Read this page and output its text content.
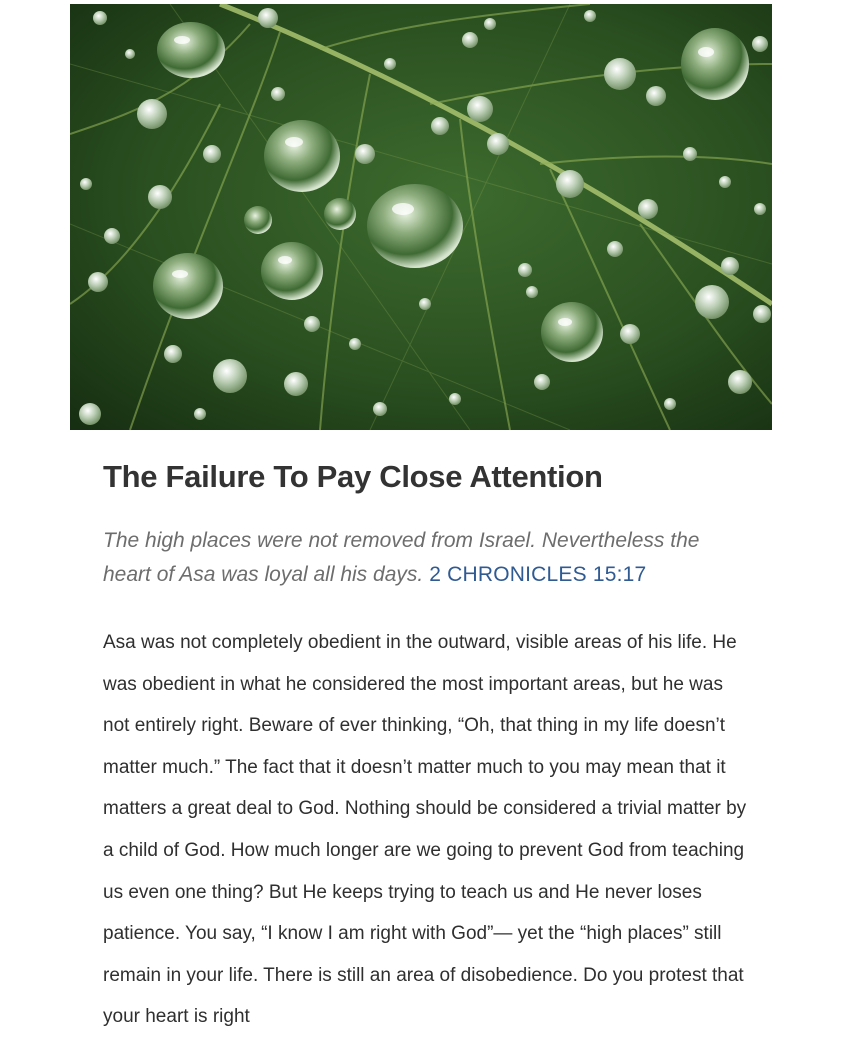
The Failure To Pay Close Attention

The high places were not removed from Israel. Nevertheless the heart of Asa was loyal all his days. 2 CHRONICLES 15:17

Asa was not completely obedient in the outward, visible areas of his life. He was obedient in what he considered the most important areas, but he was not entirely right. Beware of ever thinking, “Oh, that thing in my life doesn’t matter much.” The fact that it doesn’t matter much to you may mean that it matters a great deal to God. Nothing should be considered a trivial matter by a child of God. How much longer are we going to prevent God from teaching us even one thing? But He keeps trying to teach us and He never loses patience. You say, “I know I am right with God”— yet the “high places” still remain in your life. There is still an area of disobedience. Do you protest that your heart is right
